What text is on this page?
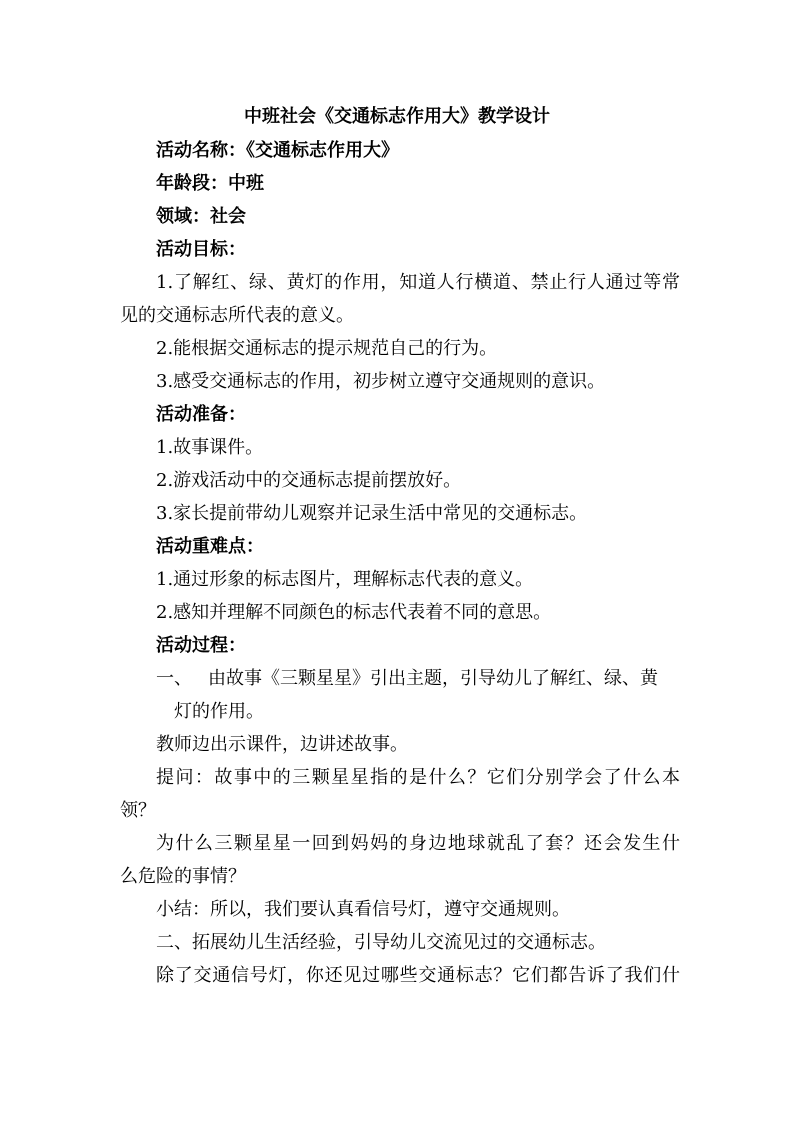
中班社会《交通标志作用大》教学设计
活动名称：《交通标志作用大》
年龄段：中班
领域：社会
活动目标：
1.了解红、绿、黄灯的作用，知道人行横道、禁止行人通过等常
见的交通标志所代表的意义。
2.能根据交通标志的提示规范自己的行为。
3.感受交通标志的作用，初步树立遵守交通规则的意识。
活动准备：
1.故事课件。
2.游戏活动中的交通标志提前摆放好。
3.家长提前带幼儿观察并记录生活中常见的交通标志。
活动重难点：
1.通过形象的标志图片，理解标志代表的意义。
2.感知并理解不同颜色的标志代表着不同的意思。
活动过程：
一、 由故事《三颗星星》引出主题，引导幼儿了解红、绿、黄
灯的作用。
教师边出示课件，边讲述故事。
提问：故事中的三颗星星指的是什么？它们分别学会了什么本
领？
为什么三颗星星一回到妈妈的身边地球就乱了套？还会发生什
么危险的事情？
小结：所以，我们要认真看信号灯，遵守交通规则。
二、拓展幼儿生活经验，引导幼儿交流见过的交通标志。
除了交通信号灯，你还见过哪些交通标志？它们都告诉了我们什
